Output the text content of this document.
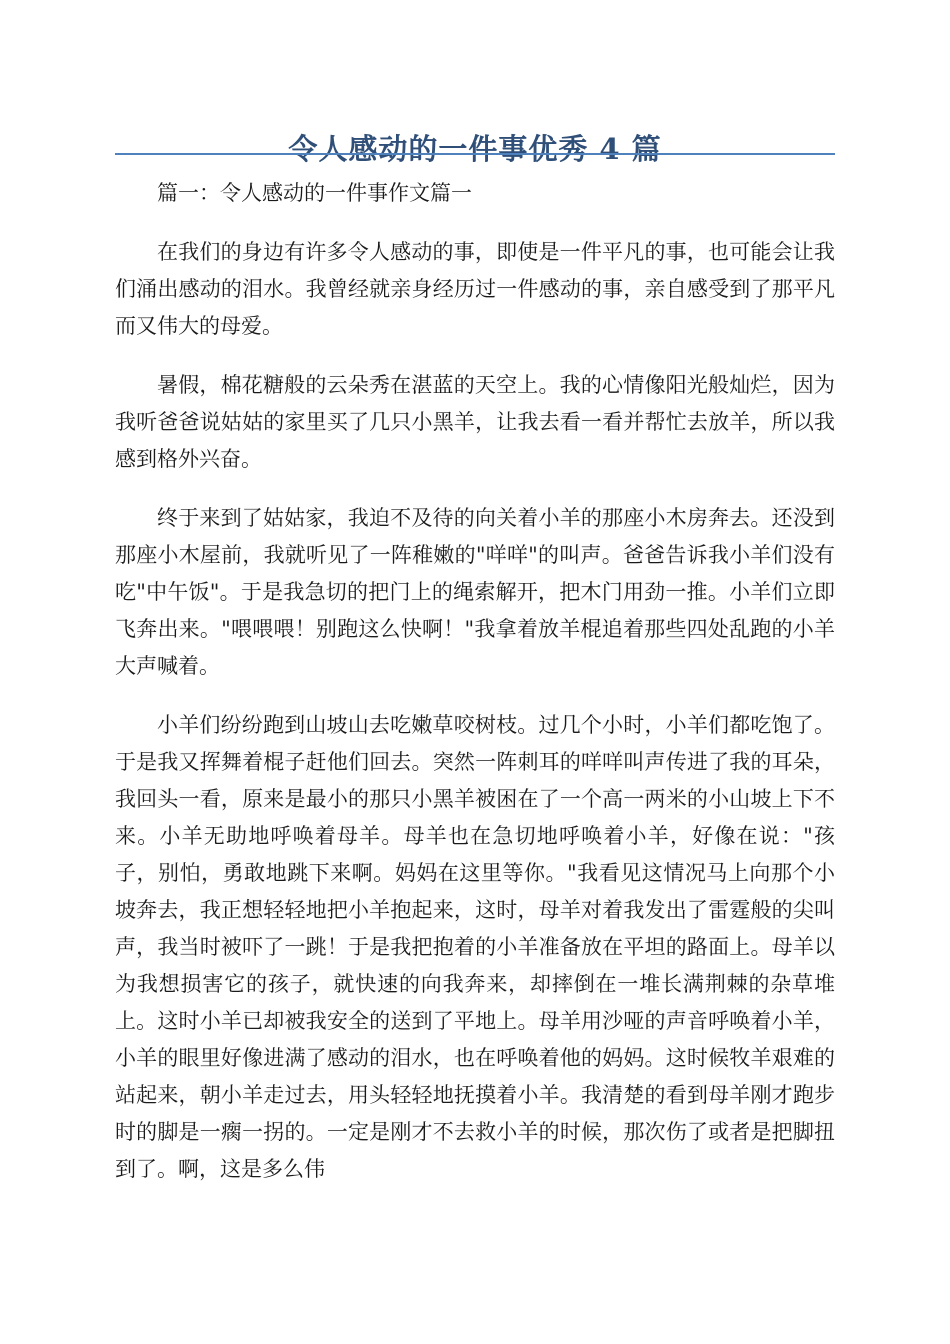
令人感动的一件事优秀 4 篇

篇一：令人感动的一件事作文篇一

在我们的身边有许多令人感动的事，即使是一件平凡的事，也可能会让我们涌出感动的泪水。我曾经就亲身经历过一件感动的事，亲自感受到了那平凡而又伟大的母爱。

暑假，棉花糖般的云朵秀在湛蓝的天空上。我的心情像阳光般灿烂，因为我听爸爸说姑姑的家里买了几只小黑羊，让我去看一看并帮忙去放羊，所以我感到格外兴奋。

终于来到了姑姑家，我迫不及待的向关着小羊的那座小木房奔去。还没到那座小木屋前，我就听见了一阵稚嫩的"咩咩"的叫声。爸爸告诉我小羊们没有吃"中午饭"。于是我急切的把门上的绳索解开，把木门用劲一推。小羊们立即飞奔出来。"喂喂喂！别跑这么快啊！"我拿着放羊棍追着那些四处乱跑的小羊大声喊着。

小羊们纷纷跑到山坡山去吃嫩草咬树枝。过几个小时，小羊们都吃饱了。于是我又挥舞着棍子赶他们回去。突然一阵刺耳的咩咩叫声传进了我的耳朵，我回头一看，原来是最小的那只小黑羊被困在了一个高一两米的小山坡上下不来。小羊无助地呼唤着母羊。母羊也在急切地呼唤着小羊，好像在说："孩子，别怕，勇敢地跳下来啊。妈妈在这里等你。"我看见这情况马上向那个小坡奔去，我正想轻轻地把小羊抱起来，这时，母羊对着我发出了雷霆般的尖叫声，我当时被吓了一跳！于是我把抱着的小羊准备放在平坦的路面上。母羊以为我想损害它的孩子，就快速的向我奔来，却摔倒在一堆长满荆棘的杂草堆上。这时小羊已却被我安全的送到了平地上。母羊用沙哑的声音呼唤着小羊，小羊的眼里好像进满了感动的泪水，也在呼唤着他的妈妈。这时候牧羊艰难的站起来，朝小羊走过去，用头轻轻地抚摸着小羊。我清楚的看到母羊刚才跑步时的脚是一瘸一拐的。一定是刚才不去救小羊的时候，那次伤了或者是把脚扭到了。啊，这是多么伟
